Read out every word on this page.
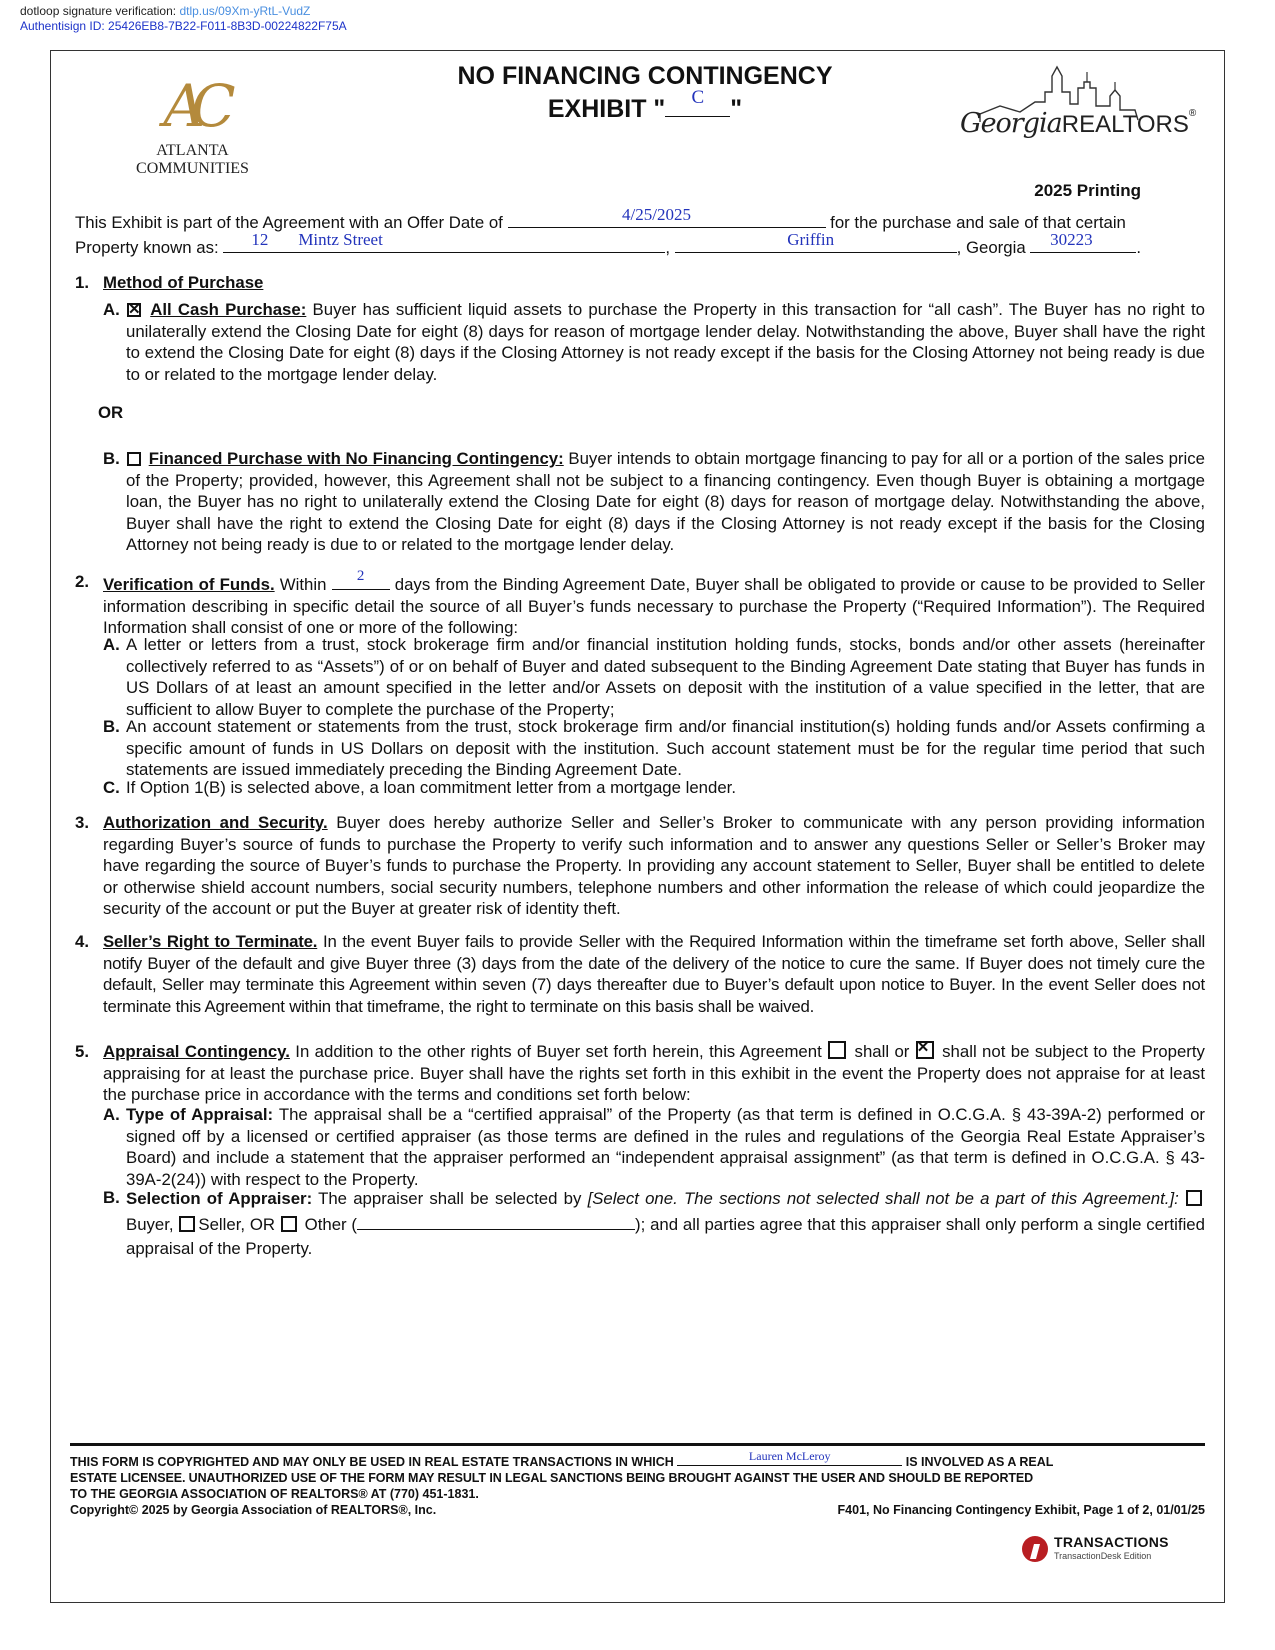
dotloop signature verification: dtlp.us/09Xm-yRtL-VudZ
Authentisign ID: 25426EB8-7B22-F011-8B3D-00224822F75A
AC
ATLANTA
COMMUNITIES
NO FINANCING CONTINGENCY
EXHIBIT "	C	"	GeorgiaREALTORS®
2025 Printing
This Exhibit is part of the Agreement with an Offer Date of	4/25/2025	for the purchase and sale of that certain
Property known as: 12 Mintz Street	,	Griffin	, Georgia	30223	.
1. Method of Purchase
A. ✕	All Cash Purchase: Buyer has sufficient liquid assets to purchase the Property in this transaction for “all cash”. The Buyer has no right to unilaterally extend the Closing Date for eight (8) days for reason of mortgage lender delay. Notwithstanding the above, Buyer shall have the right to extend the Closing Date for eight (8) days if the Closing Attorney is not ready except if the basis for the Closing Attorney not being ready is due to or related to the mortgage lender delay.
OR
B.	Financed Purchase with No Financing Contingency: Buyer intends to obtain mortgage financing to pay for all or a portion of the sales price of the Property; provided, however, this Agreement shall not be subject to a financing contingency. Even though Buyer is obtaining a mortgage loan, the Buyer has no right to unilaterally extend the Closing Date for eight (8) days for reason of mortgage delay. Notwithstanding the above, Buyer shall have the right to extend the Closing Date for eight (8) days if the Closing Attorney is not ready except if the basis for the Closing Attorney not being ready is due to or related to the mortgage lender delay.
2. Verification of Funds. Within	2	days from the Binding Agreement Date, Buyer shall be obligated to provide or cause to be provided to Seller information describing in specific detail the source of all Buyer’s funds necessary to purchase the Property (“Required Information”). The Required Information shall consist of one or more of the following:
A. A letter or letters from a trust, stock brokerage firm and/or financial institution holding funds, stocks, bonds and/or other assets (hereinafter collectively referred to as “Assets”) of or on behalf of Buyer and dated subsequent to the Binding Agreement Date stating that Buyer has funds in US Dollars of at least an amount specified in the letter and/or Assets on deposit with the institution of a value specified in the letter, that are sufficient to allow Buyer to complete the purchase of the Property;
B. An account statement or statements from the trust, stock brokerage firm and/or financial institution(s) holding funds and/or Assets confirming a specific amount of funds in US Dollars on deposit with the institution. Such account statement must be for the regular time period that such statements are issued immediately preceding the Binding Agreement Date.
C. If Option 1(B) is selected above, a loan commitment letter from a mortgage lender.
3. Authorization and Security. Buyer does hereby authorize Seller and Seller’s Broker to communicate with any person providing information regarding Buyer’s source of funds to purchase the Property to verify such information and to answer any questions Seller or Seller’s Broker may have regarding the source of Buyer’s funds to purchase the Property. In providing any account statement to Seller, Buyer shall be entitled to delete or otherwise shield account numbers, social security numbers, telephone numbers and other information the release of which could jeopardize the security of the account or put the Buyer at greater risk of identity theft.
4. Seller’s Right to Terminate. In the event Buyer fails to provide Seller with the Required Information within the timeframe set forth above, Seller shall notify Buyer of the default and give Buyer three (3) days from the date of the delivery of the notice to cure the same. If Buyer does not timely cure the default, Seller may terminate this Agreement within seven (7) days thereafter due to Buyer’s default upon notice to Buyer. In the event Seller does not terminate this Agreement within that timeframe, the right to terminate on this basis shall be waived.
5. Appraisal Contingency. In addition to the other rights of Buyer set forth herein, this Agreement shall or ✕ shall not be subject to the Property appraising for at least the purchase price. Buyer shall have the rights set forth in this exhibit in the event the Property does not appraise for at least the purchase price in accordance with the terms and conditions set forth below:
A. Type of Appraisal: The appraisal shall be a “certified appraisal” of the Property (as that term is defined in O.C.G.A. § 43-39A-2) performed or signed off by a licensed or certified appraiser (as those terms are defined in the rules and regulations of the Georgia Real Estate Appraiser’s Board) and include a statement that the appraiser performed an “independent appraisal assignment” (as that term is defined in O.C.G.A. § 43-39A-2(24)) with respect to the Property.
B. Selection of Appraiser: The appraiser shall be selected by [Select one. The sections not selected shall not be a part of this Agreement.]:  Buyer, Seller, OR Other (	); and all parties agree that this appraiser shall only perform a single certified appraisal of the Property.
THIS FORM IS COPYRIGHTED AND MAY ONLY BE USED IN REAL ESTATE TRANSACTIONS IN WHICH	Lauren McLeroy	IS INVOLVED AS A REAL
ESTATE LICENSEE. UNAUTHORIZED USE OF THE FORM MAY RESULT IN LEGAL SANCTIONS BEING BROUGHT AGAINST THE USER AND SHOULD BE REPORTED
TO THE GEORGIA ASSOCIATION OF REALTORS® AT (770) 451-1831.
Copyright© 2025 by Georgia Association of REALTORS®, Inc.	F401, No Financing Contingency Exhibit, Page 1 of 2, 01/01/25
TRANSACTIONS
TransactionDesk Edition
